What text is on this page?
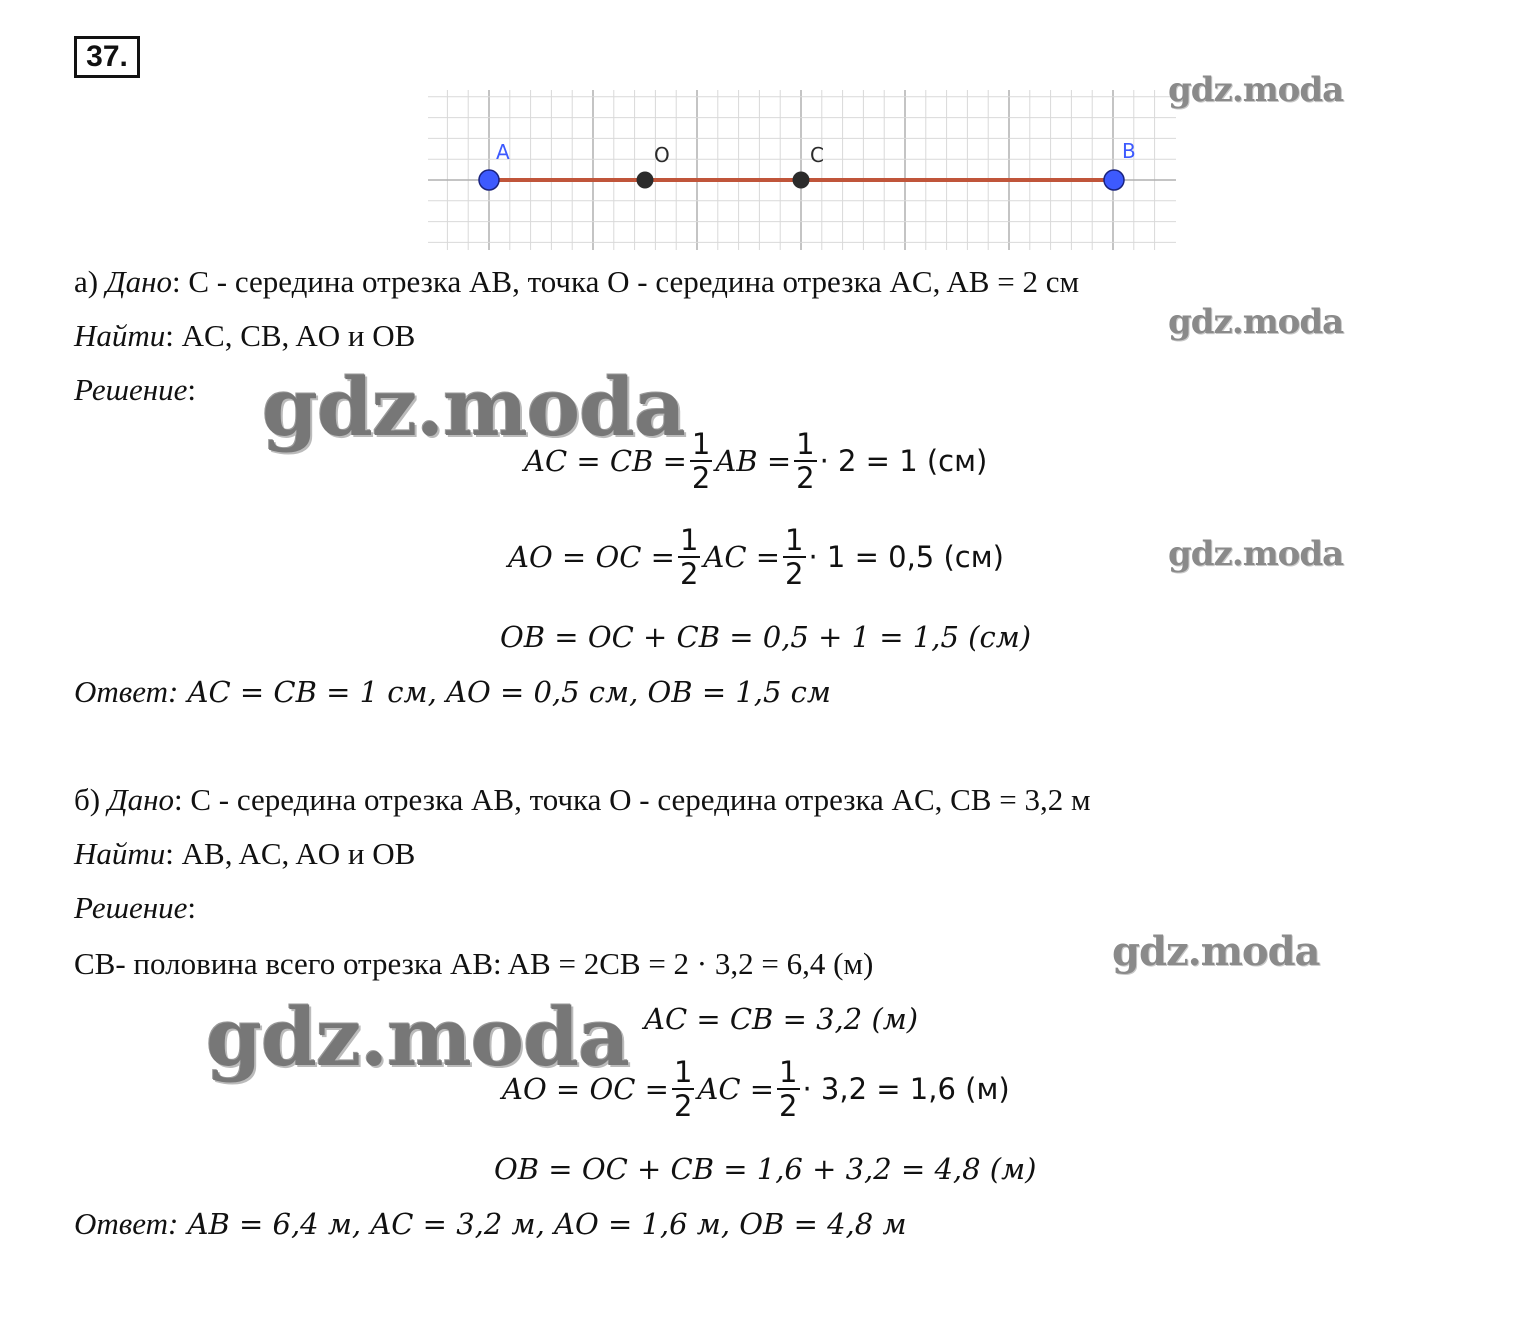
37.
A	O	C	B
gdz.moda
gdz.moda
gdz.moda
gdz.moda
gdz.moda
gdz.moda
а) Дано: C - середина отрезка AB, точка O - середина отрезка AC, AB = 2 см
Найти: AC, CB, AO и OB
Решение:
AC = CB = $\frac{1}{2}$ AB = $\frac{1}{2} \cdot 2 = 1$ (см)
AO = OC = $\frac{1}{2}$ AC = $\frac{1}{2} \cdot 1 = 0,5$ (см)
OB = OC + CB = 0,5 + 1 = 1,5 (см)
Ответ: AC = CB = 1 см, AO = 0,5 см, OB = 1,5 см
б) Дано: C - середина отрезка AB, точка O - середина отрезка AC, CB = 3,2 м
Найти: AB, AC, AO и OB
Решение:
CB- половина всего отрезка AB: AB = 2CB = 2 · 3,2 = 6,4 (м)
AC = CB = 3,2 (м)
AO = OC = $\frac{1}{2}$ AC = $\frac{1}{2} \cdot 3,2 = 1,6$ (м)
OB = OC + CB = 1,6 + 3,2 = 4,8 (м)
Ответ: AB = 6,4 м, AC = 3,2 м, AO = 1,6 м, OB = 4,8 м
